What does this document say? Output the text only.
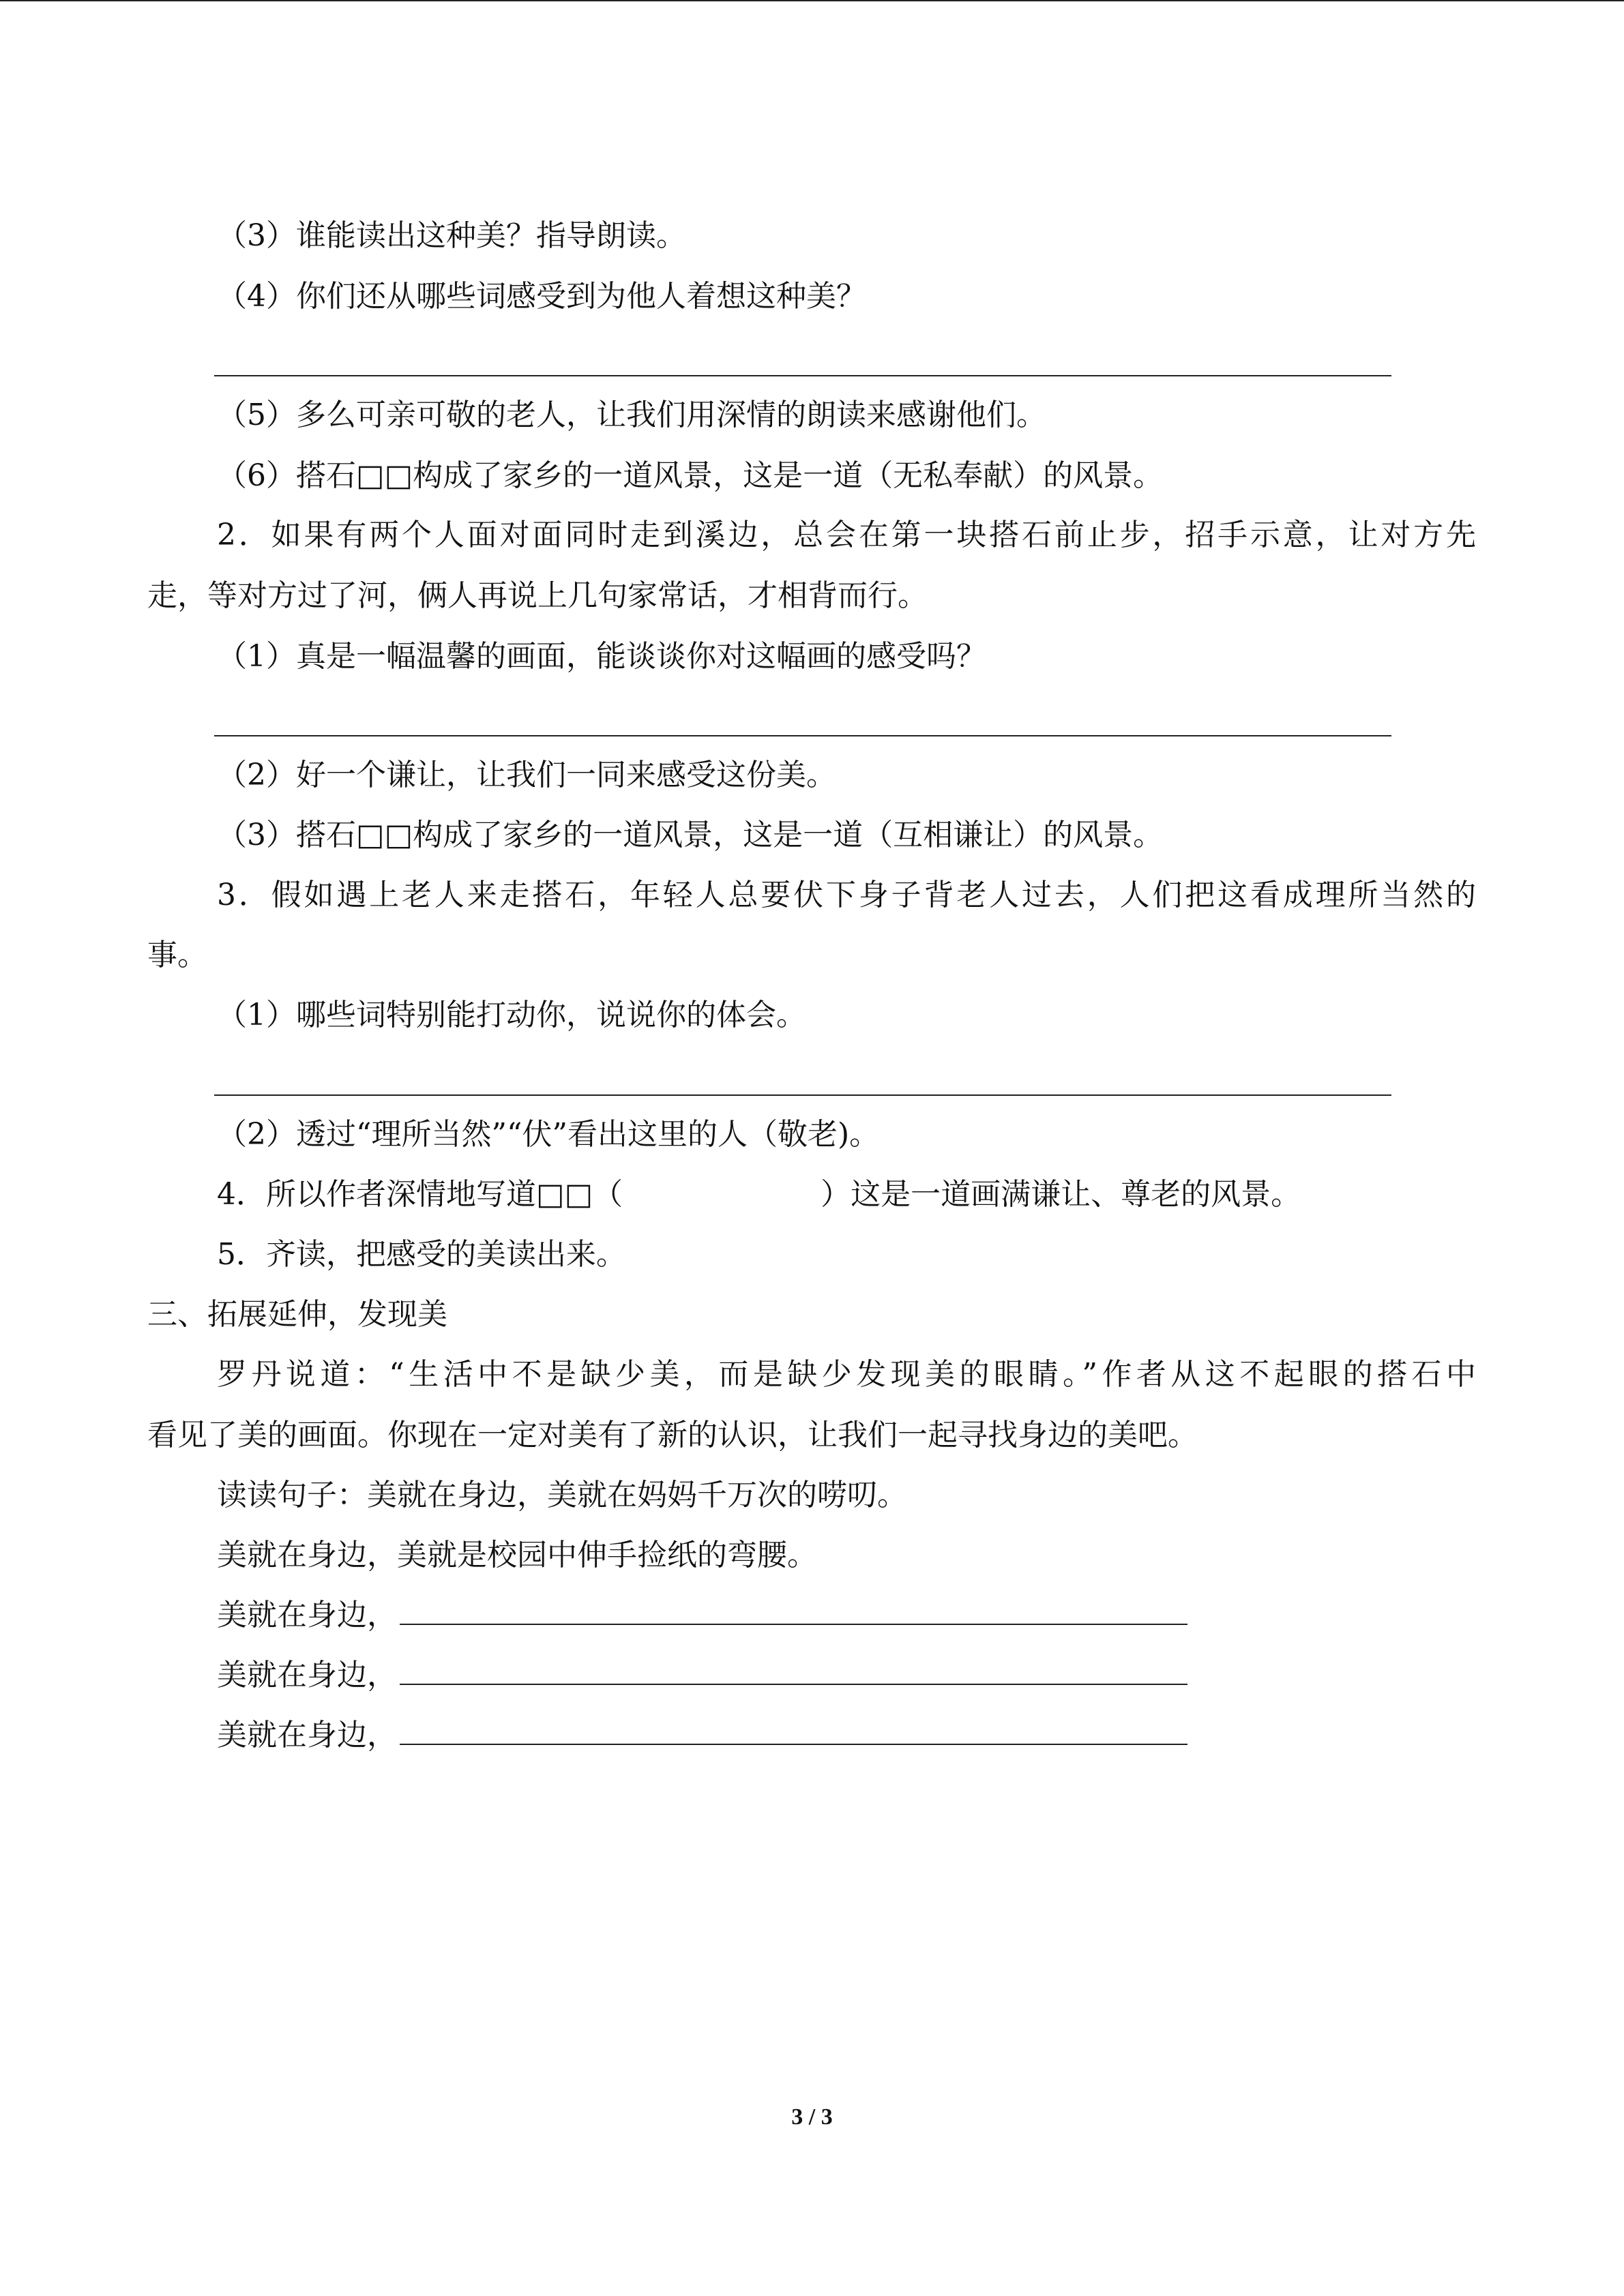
（3）谁能读出这种美？指导朗读。
（4）你们还从哪些词感受到为他人着想这种美？
（5）多么可亲可敬的老人，让我们用深情的朗读来感谢他们。
（6）搭石□□构成了家乡的一道风景，这是一道（无私奉献）的风景。
2．如果有两个人面对面同时走到溪边，总会在第一块搭石前止步，招手示意，让对方先
走，等对方过了河，俩人再说上几句家常话，才相背而行。
（1）真是一幅温馨的画面，能谈谈你对这幅画的感受吗？
（2）好一个谦让，让我们一同来感受这份美。
（3）搭石□□构成了家乡的一道风景，这是一道（互相谦让）的风景。
3．假如遇上老人来走搭石，年轻人总要伏下身子背老人过去，人们把这看成理所当然的
事。
（1）哪些词特别能打动你，说说你的体会。
（2）透过“理所当然”“伏”看出这里的人（敬老)。
4．所以作者深情地写道□□（	）这是一道画满谦让、尊老的风景。
5．齐读，把感受的美读出来。
三、拓展延伸，发现美
罗丹说道：“生活中不是缺少美，而是缺少发现美的眼睛。”作者从这不起眼的搭石中
看见了美的画面。你现在一定对美有了新的认识，让我们一起寻找身边的美吧。
读读句子：美就在身边，美就在妈妈千万次的唠叨。
美就在身边，美就是校园中伸手捡纸的弯腰。
美就在身边，
美就在身边，
美就在身边，
3 / 3
